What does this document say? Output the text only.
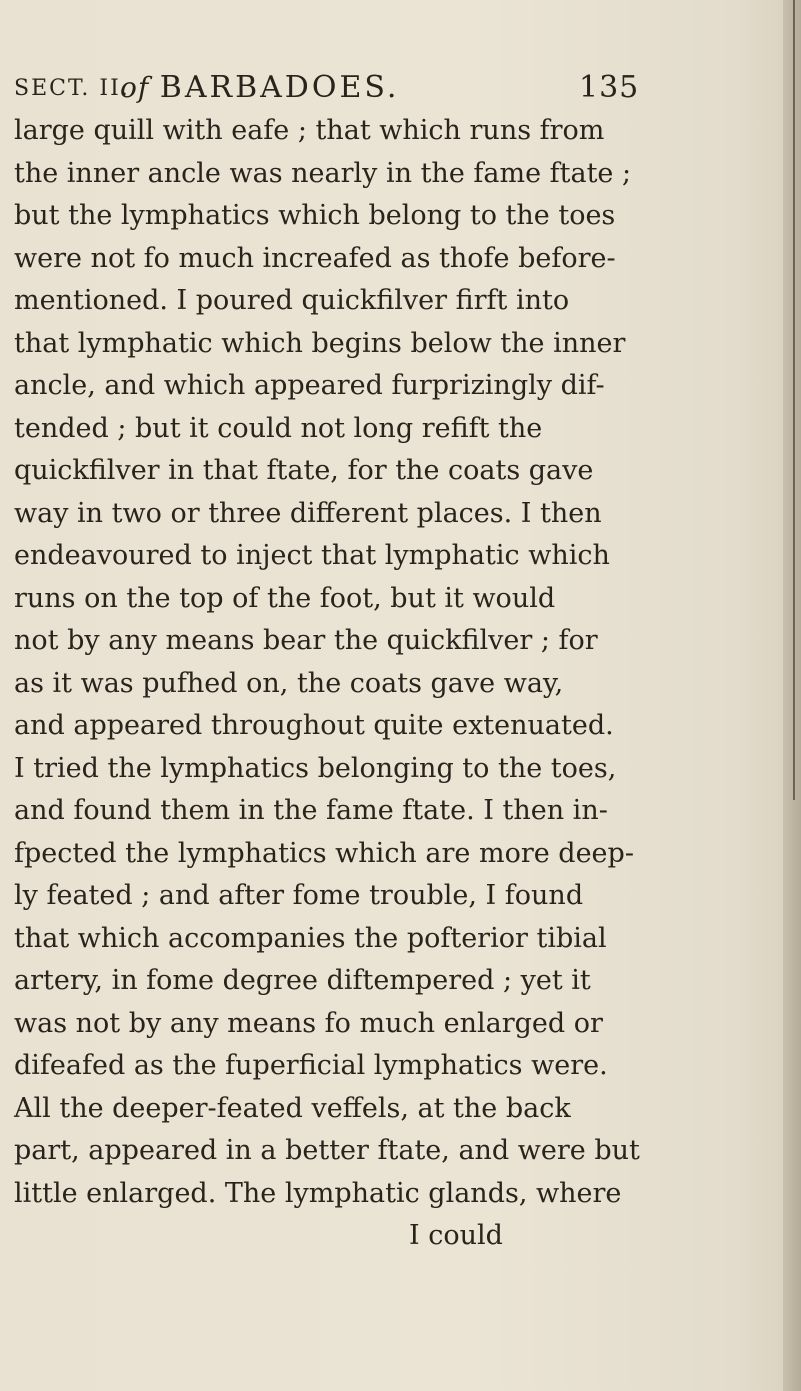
SECT. II.
of BARBADOES.	135
large quill with eafe ; that which runs from
the inner ancle was nearly in the fame ftate ;
but the lymphatics which belong to the toes
were not fo much increafed as thofe before-
mentioned. I poured quickfilver firft into
that lymphatic which begins below the inner
ancle, and which appeared furprizingly dif-
tended ; but it could not long refift the
quickfilver in that ftate, for the coats gave
way in two or three different places. I then
endeavoured to inject that lymphatic which
runs on the top of the foot, but it would
not by any means bear the quickfilver ; for
as it was pufhed on, the coats gave way,
and appeared throughout quite extenuated.
I tried the lymphatics belonging to the toes,
and found them in the fame ftate. I then in-
fpected the lymphatics which are more deep-
ly feated ; and after fome trouble, I found
that which accompanies the pofterior tibial
artery, in fome degree diftempered ; yet it
was not by any means fo much enlarged or
difeafed as the fuperficial lymphatics were.
All the deeper-feated veffels, at the back
part, appeared in a better ftate, and were but
little enlarged. The lymphatic glands, where
I could
